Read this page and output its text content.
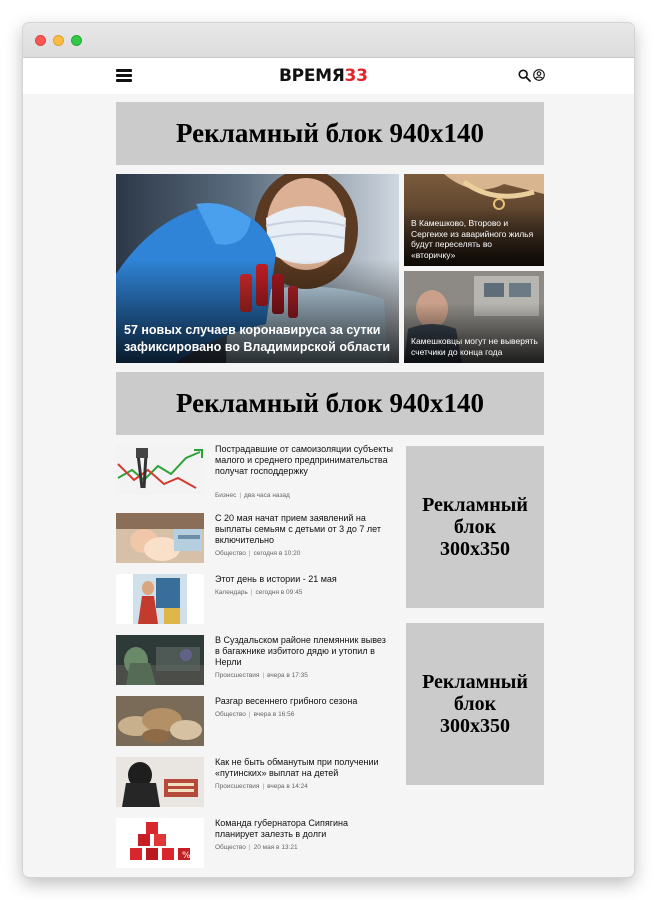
ВРЕМЯ33
Рекламный блок 940x140
57 новых случаев коронавируса за сутки зафиксировано во Владимирской области
В Камешково, Второво и Сергеихе из аварийного жилья будут переселять во «вторичку»
Камешковцы могут не выверять счетчики до конца года
Рекламный блок 940x140
Пострадавшие от самоизоляции субъекты малого и среднего предпринимательства получат господдержку
Бизнес | два часа назад
С 20 мая начат прием заявлений на выплаты семьям с детьми от 3 до 7 лет включительно
Общество | сегодня в 10:20
Этот день в истории - 21 мая
Календарь | сегодня в 09:45
В Суздальском районе племянник вывез в багажнике избитого дядю и утопил в Нерли
Происшествия | вчера в 17:35
Разгар весеннего грибного сезона
Общество | вчера в 16:56
Как не быть обманутым при получении «путинских» выплат на детей
Происшествия | вчера в 14:24
%
Команда губернатора Сипягина планирует залезть в долги
Общество | 20 мая в 13:21
Рекламный
блок
300x350
Рекламный
блок
300x350
